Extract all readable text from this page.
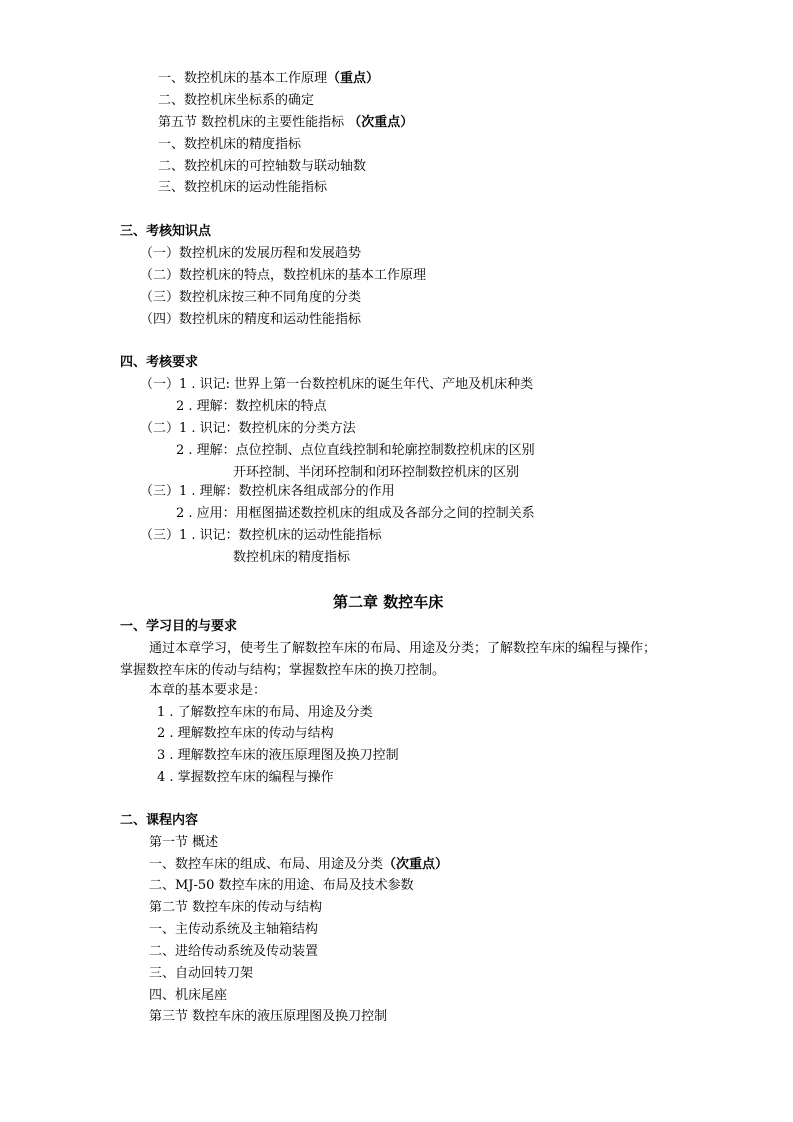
一、数控机床的基本工作原理（重点）
二、数控机床坐标系的确定
第五节 数控机床的主要性能指标 （次重点）
一、数控机床的精度指标
二、数控机床的可控轴数与联动轴数
三、数控机床的运动性能指标
三、考核知识点
（一）数控机床的发展历程和发展趋势
（二）数控机床的特点，数控机床的基本工作原理
（三）数控机床按三种不同角度的分类
（四）数控机床的精度和运动性能指标
四、考核要求
（一）1 . 识记: 世界上第一台数控机床的诞生年代、产地及机床种类
2 . 理解：数控机床的特点
（二）1 . 识记：数控机床的分类方法
2 . 理解：点位控制、点位直线控制和轮廓控制数控机床的区别
开环控制、半闭环控制和闭环控制数控机床的区别
（三）1 . 理解：数控机床各组成部分的作用
2 . 应用：用框图描述数控机床的组成及各部分之间的控制关系
（三）1 . 识记：数控机床的运动性能指标
数控机床的精度指标
第二章 数控车床
一、学习目的与要求
通过本章学习，使考生了解数控车床的布局、用途及分类；了解数控车床的编程与操作；
掌握数控车床的传动与结构；掌握数控车床的换刀控制。
本章的基本要求是：
1 . 了解数控车床的布局、用途及分类
2 . 理解数控车床的传动与结构
3 . 理解数控车床的液压原理图及换刀控制
4 . 掌握数控车床的编程与操作
二、课程内容
第一节 概述
一、数控车床的组成、布局、用途及分类（次重点）
二、MJ-50 数控车床的用途、布局及技术参数
第二节 数控车床的传动与结构
一、主传动系统及主轴箱结构
二、进给传动系统及传动装置
三、自动回转刀架
四、机床尾座
第三节 数控车床的液压原理图及换刀控制
